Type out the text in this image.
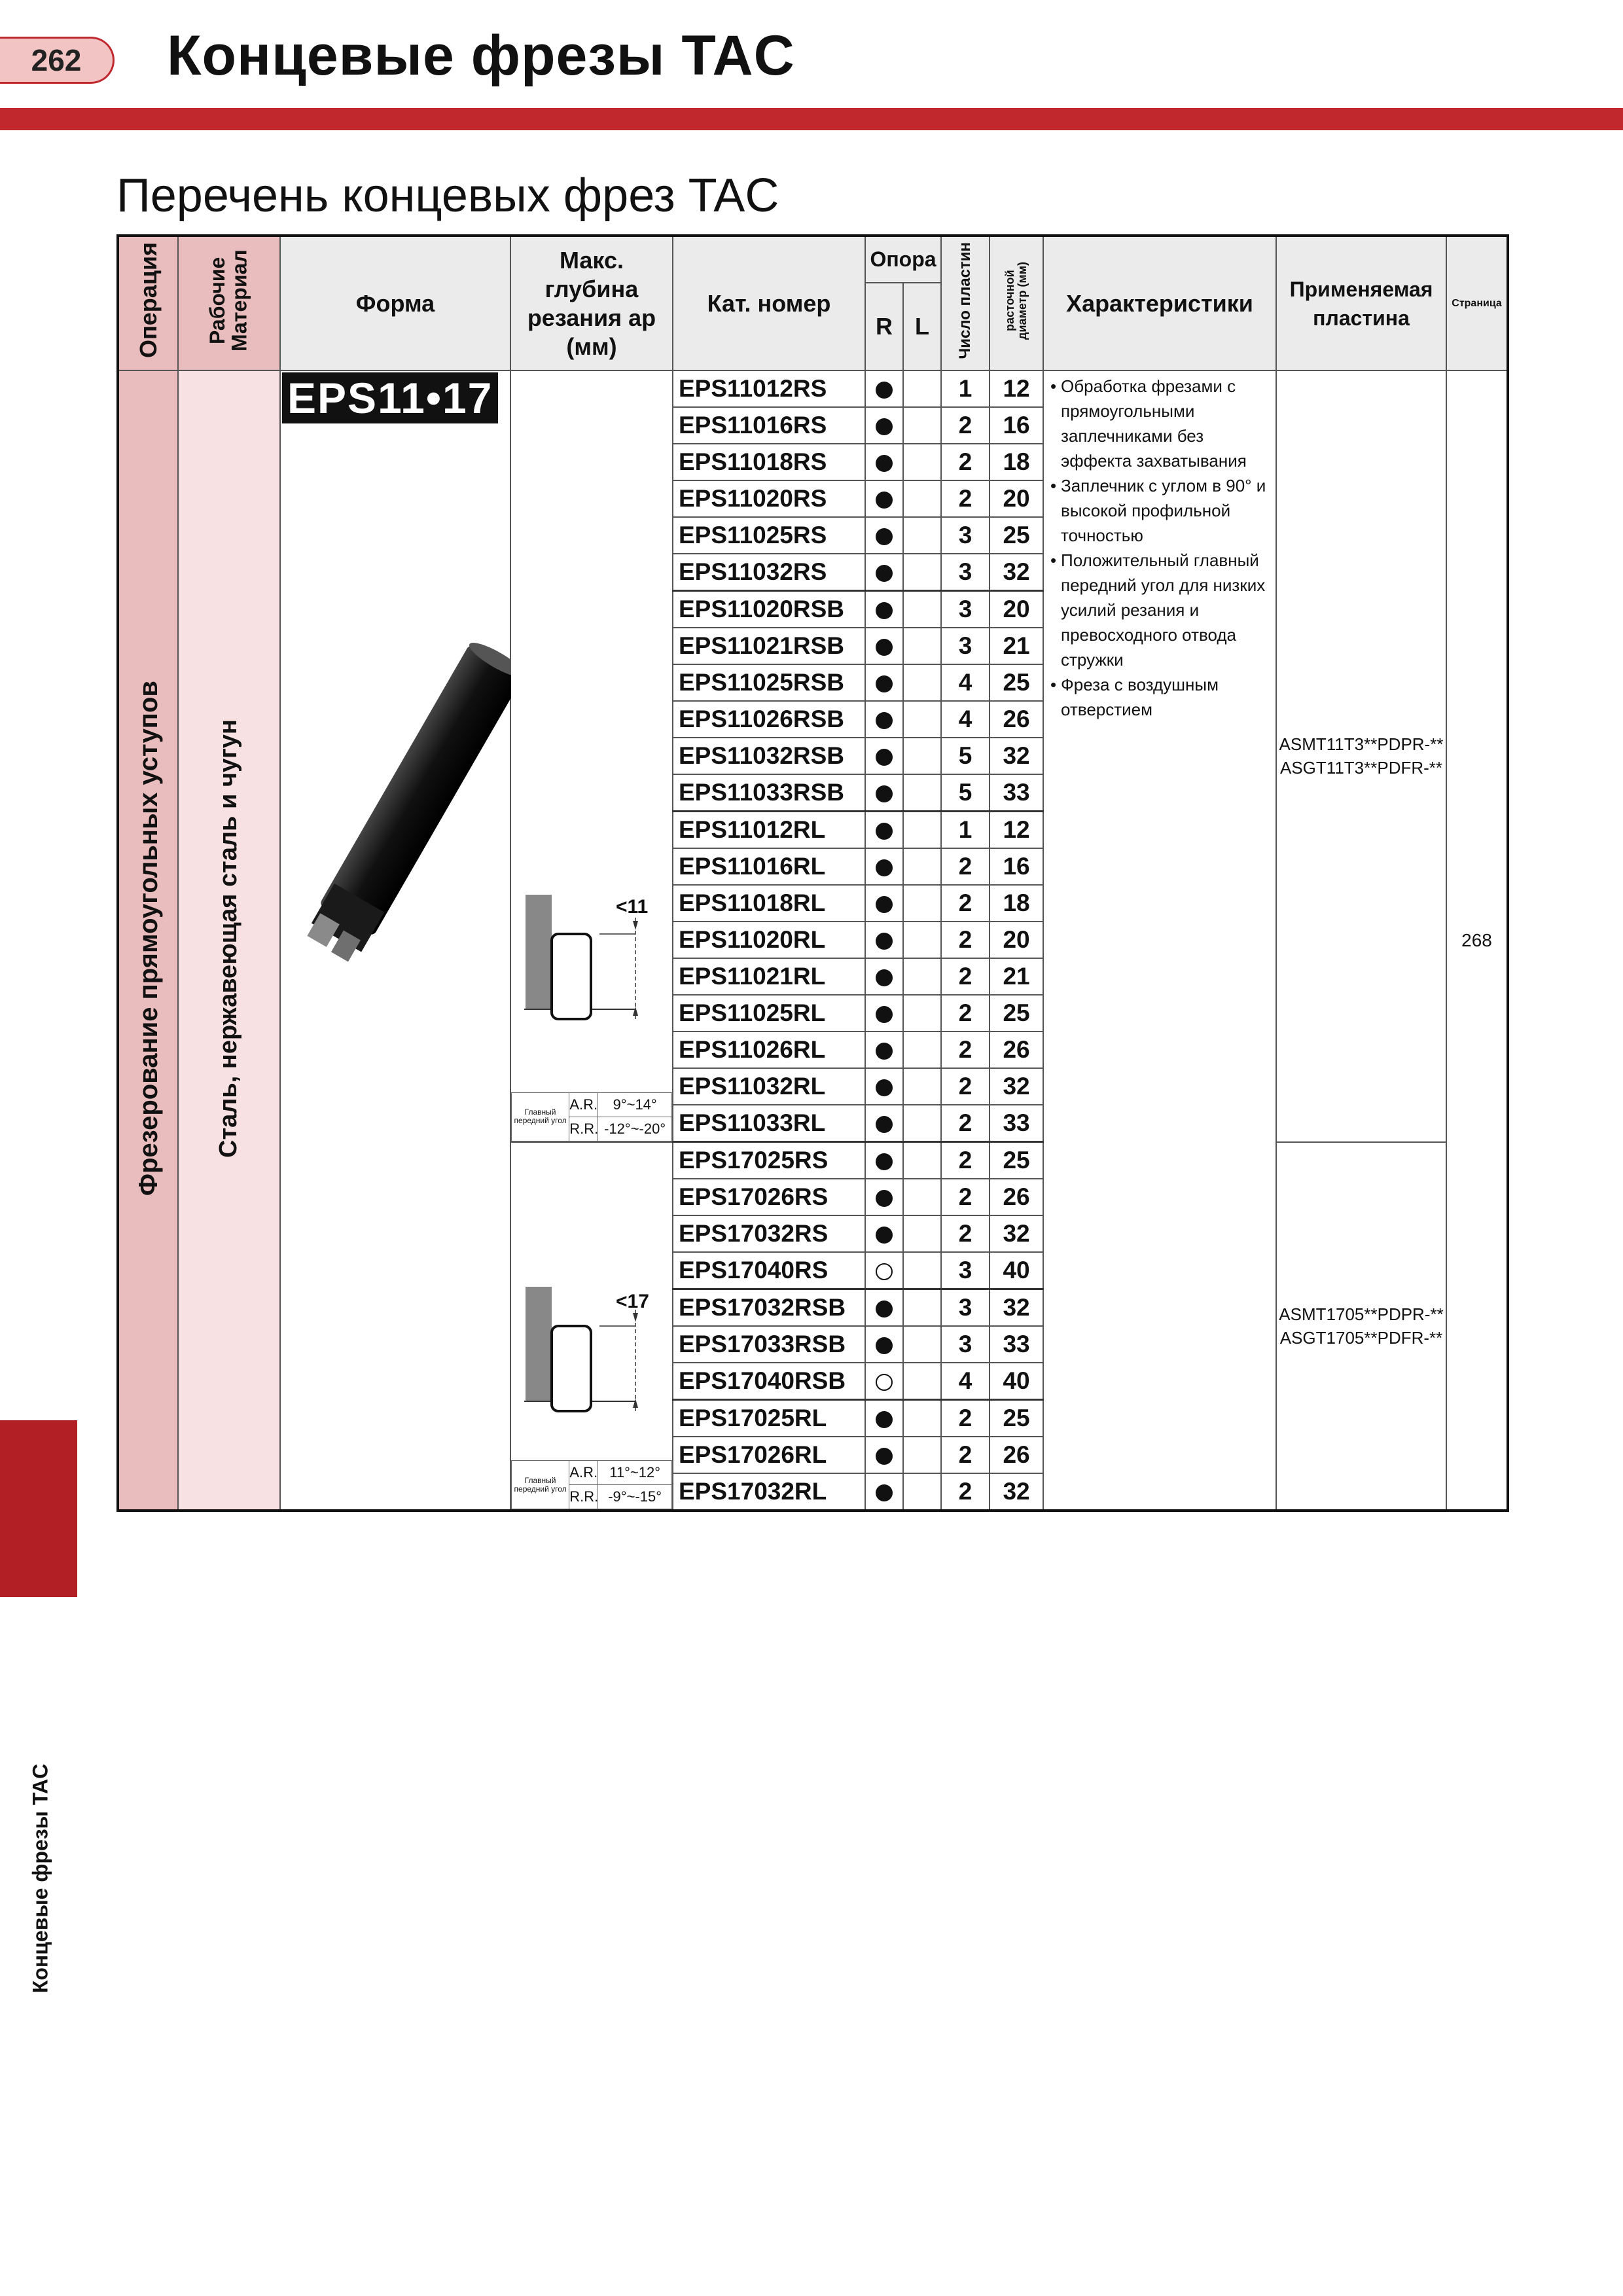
262 Концевые фрезы TAC
Перечень концевых фрез TAC
Концевые фрезы TAC
Операция	Рабочие Материал	Форма	Макс. глубина резания ар (мм)	Кат. номер	Опора	Число пластин	расточной диаметр (мм)	Характеристики	Применяемая пластина	Страница
R	L
Фрезерование прямоугольных уступов	Сталь, нержавеющая сталь и чугун	
EPS11•17

<11
Главный передний угол	A.R.	9°~14°
R.R.	-12°~-20°
	EPS11012RS			1	12	• Обработка фрезами с прямоугольными заплечниками без эффекта захватывания
• Заплечник с углом в 90° и высокой профильной точностью
• Положительный главный передний угол для низких усилий резания и превосходного отвода стружки
• Фреза с воздушным отверстием

ASMT11T3**PDPR-**
ASGT11T3**PDFR-**
	268
EPS11016RS			2	16
EPS11018RS			2	18
EPS11020RS			2	20
EPS11025RS			3	25
EPS11032RS			3	32
EPS11020RSB			3	20
EPS11021RSB			3	21
EPS11025RSB			4	25
EPS11026RSB			4	26
EPS11032RSB			5	32
EPS11033RSB			5	33
EPS11012RL			1	12
EPS11016RL			2	16
EPS11018RL			2	18
EPS11020RL			2	20
EPS11021RL			2	21
EPS11025RL			2	25
EPS11026RL			2	26
EPS11032RL			2	32
EPS11033RL			2	33

<17
Главный передний угол	A.R.	11°~12°
R.R.	-9°~-15°
	EPS17025RS			2	25	
ASMT1705**PDPR-**
ASGT1705**PDFR-**

EPS17026RS			2	26
EPS17032RS			2	32
EPS17040RS			3	40
EPS17032RSB			3	32
EPS17033RSB			3	33
EPS17040RSB			4	40
EPS17025RL			2	25
EPS17026RL			2	26
EPS17032RL			2	32
